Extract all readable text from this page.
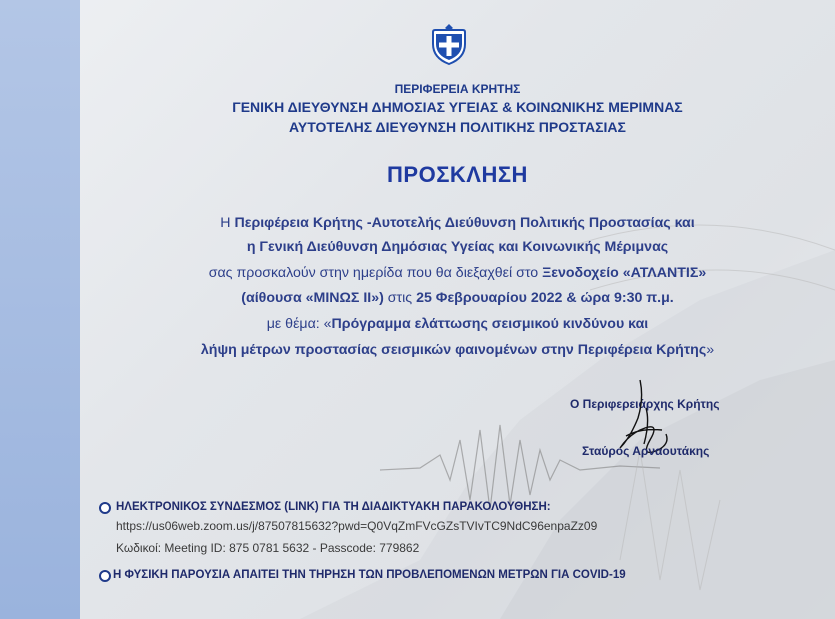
ΠΕΡΙΦΕΡΕΙΑ ΚΡΗΤΗΣ
ΓΕΝΙΚΗ ΔΙΕΥΘΥΝΣΗ ΔΗΜΟΣΙΑΣ ΥΓΕΙΑΣ & ΚΟΙΝΩΝΙΚΗΣ ΜΕΡΙΜΝΑΣ
ΑΥΤΟΤΕΛΗΣ ΔΙΕΥΘΥΝΣΗ ΠΟΛΙΤΙΚΗΣ ΠΡΟΣΤΑΣΙΑΣ
ΠΡΟΣΚΛΗΣΗ
Η Περιφέρεια Κρήτης -Αυτοτελής Διεύθυνση Πολιτικής Προστασίας και
η Γενική Διεύθυνση Δημόσιας Υγείας και Κοινωνικής Μέριμνας
σας προσκαλούν στην ημερίδα που θα διεξαχθεί στο Ξενοδοχείο «ΑΤΛΑΝΤΙΣ»
(αίθουσα «ΜΙΝΩΣ ΙΙ») στις 25 Φεβρουαρίου 2022 & ώρα 9:30 π.μ.
με θέμα: «Πρόγραμμα ελάττωσης σεισμικού κινδύνου και
λήψη μέτρων προστασίας σεισμικών φαινομένων στην Περιφέρεια Κρήτης»
Ο Περιφερειάρχης Κρήτης
Σταύρος Αρναουτάκης
ΗΛΕΚΤΡΟΝΙΚΟΣ ΣΥΝΔΕΣΜΟΣ (LINK) ΓΙΑ ΤΗ ΔΙΑΔΙΚΤΥΑΚΗ ΠΑΡΑΚΟΛΟΥΘΗΣΗ:
https://us06web.zoom.us/j/87507815632?pwd=Q0VqZmFVcGZsTVIvTC9NdC96enpaZz09
Κωδικοί: Meeting ID: 875 0781 5632 - Passcode: 779862
Η ΦΥΣΙΚΗ ΠΑΡΟΥΣΙΑ ΑΠΑΙΤΕΙ ΤΗΝ ΤΗΡΗΣΗ ΤΩΝ ΠΡΟΒΛΕΠΟΜΕΝΩΝ ΜΕΤΡΩΝ ΓΙΑ COVID-19
